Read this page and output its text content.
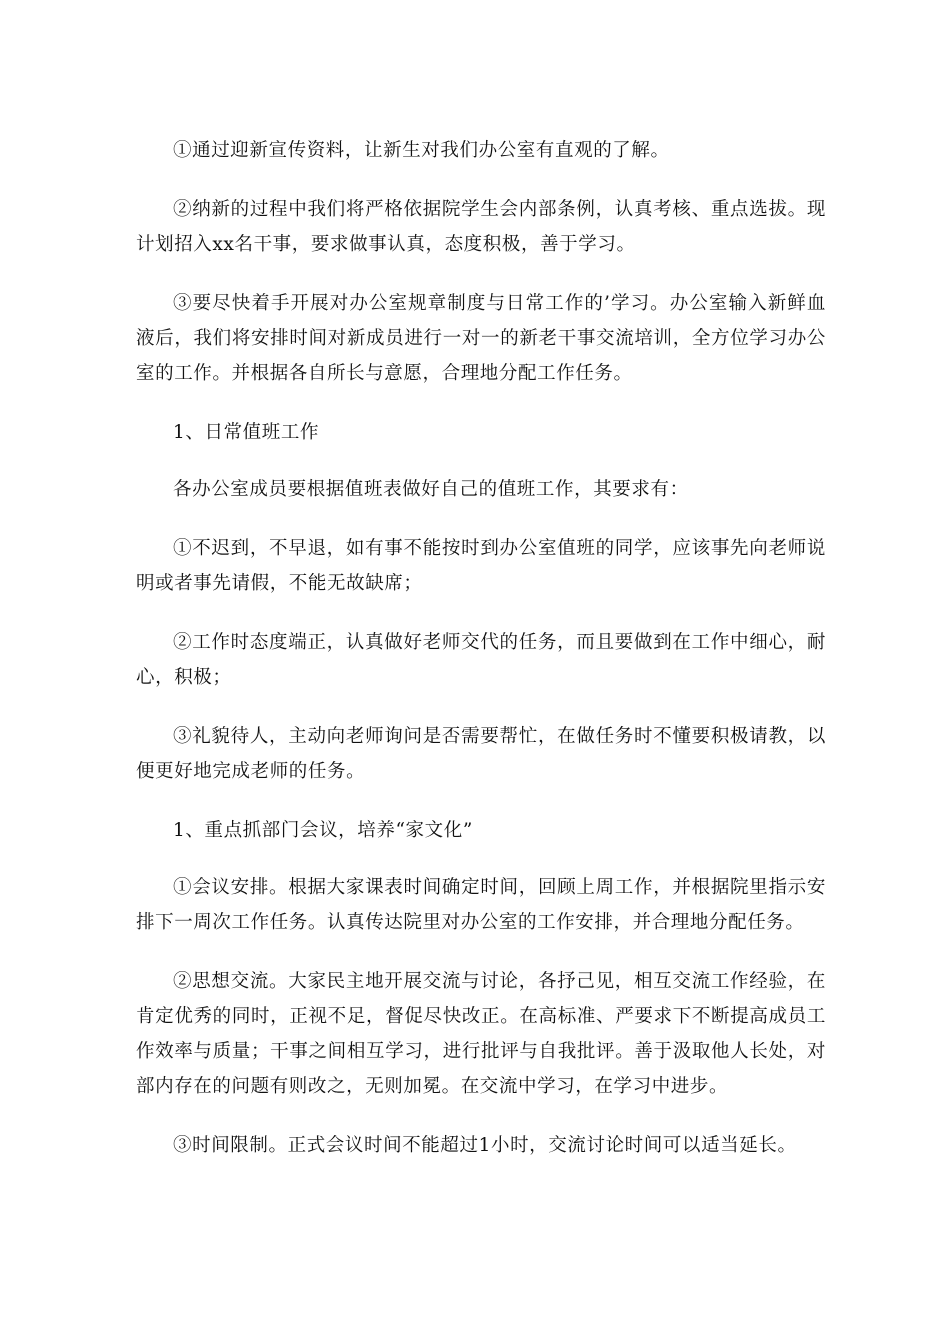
①通过迎新宣传资料，让新生对我们办公室有直观的了解。

②纳新的过程中我们将严格依据院学生会内部条例，认真考核、重点选拔。现计划招入xx名干事，要求做事认真，态度积极，善于学习。

③要尽快着手开展对办公室规章制度与日常工作的’学习。办公室输入新鲜血液后，我们将安排时间对新成员进行一对一的新老干事交流培训，全方位学习办公室的工作。并根据各自所长与意愿，合理地分配工作任务。

1、日常值班工作

各办公室成员要根据值班表做好自己的值班工作，其要求有：

①不迟到，不早退，如有事不能按时到办公室值班的同学，应该事先向老师说明或者事先请假，不能无故缺席；

②工作时态度端正，认真做好老师交代的任务，而且要做到在工作中细心，耐心，积极；

③礼貌待人，主动向老师询问是否需要帮忙，在做任务时不懂要积极请教，以便更好地完成老师的任务。

1、重点抓部门会议，培养“家文化”

①会议安排。根据大家课表时间确定时间，回顾上周工作，并根据院里指示安排下一周次工作任务。认真传达院里对办公室的工作安排，并合理地分配任务。

②思想交流。大家民主地开展交流与讨论，各抒己见，相互交流工作经验，在肯定优秀的同时，正视不足，督促尽快改正。在高标准、严要求下不断提高成员工作效率与质量；干事之间相互学习，进行批评与自我批评。善于汲取他人长处，对部内存在的问题有则改之，无则加冕。在交流中学习，在学习中进步。

③时间限制。正式会议时间不能超过1小时，交流讨论时间可以适当延长。
